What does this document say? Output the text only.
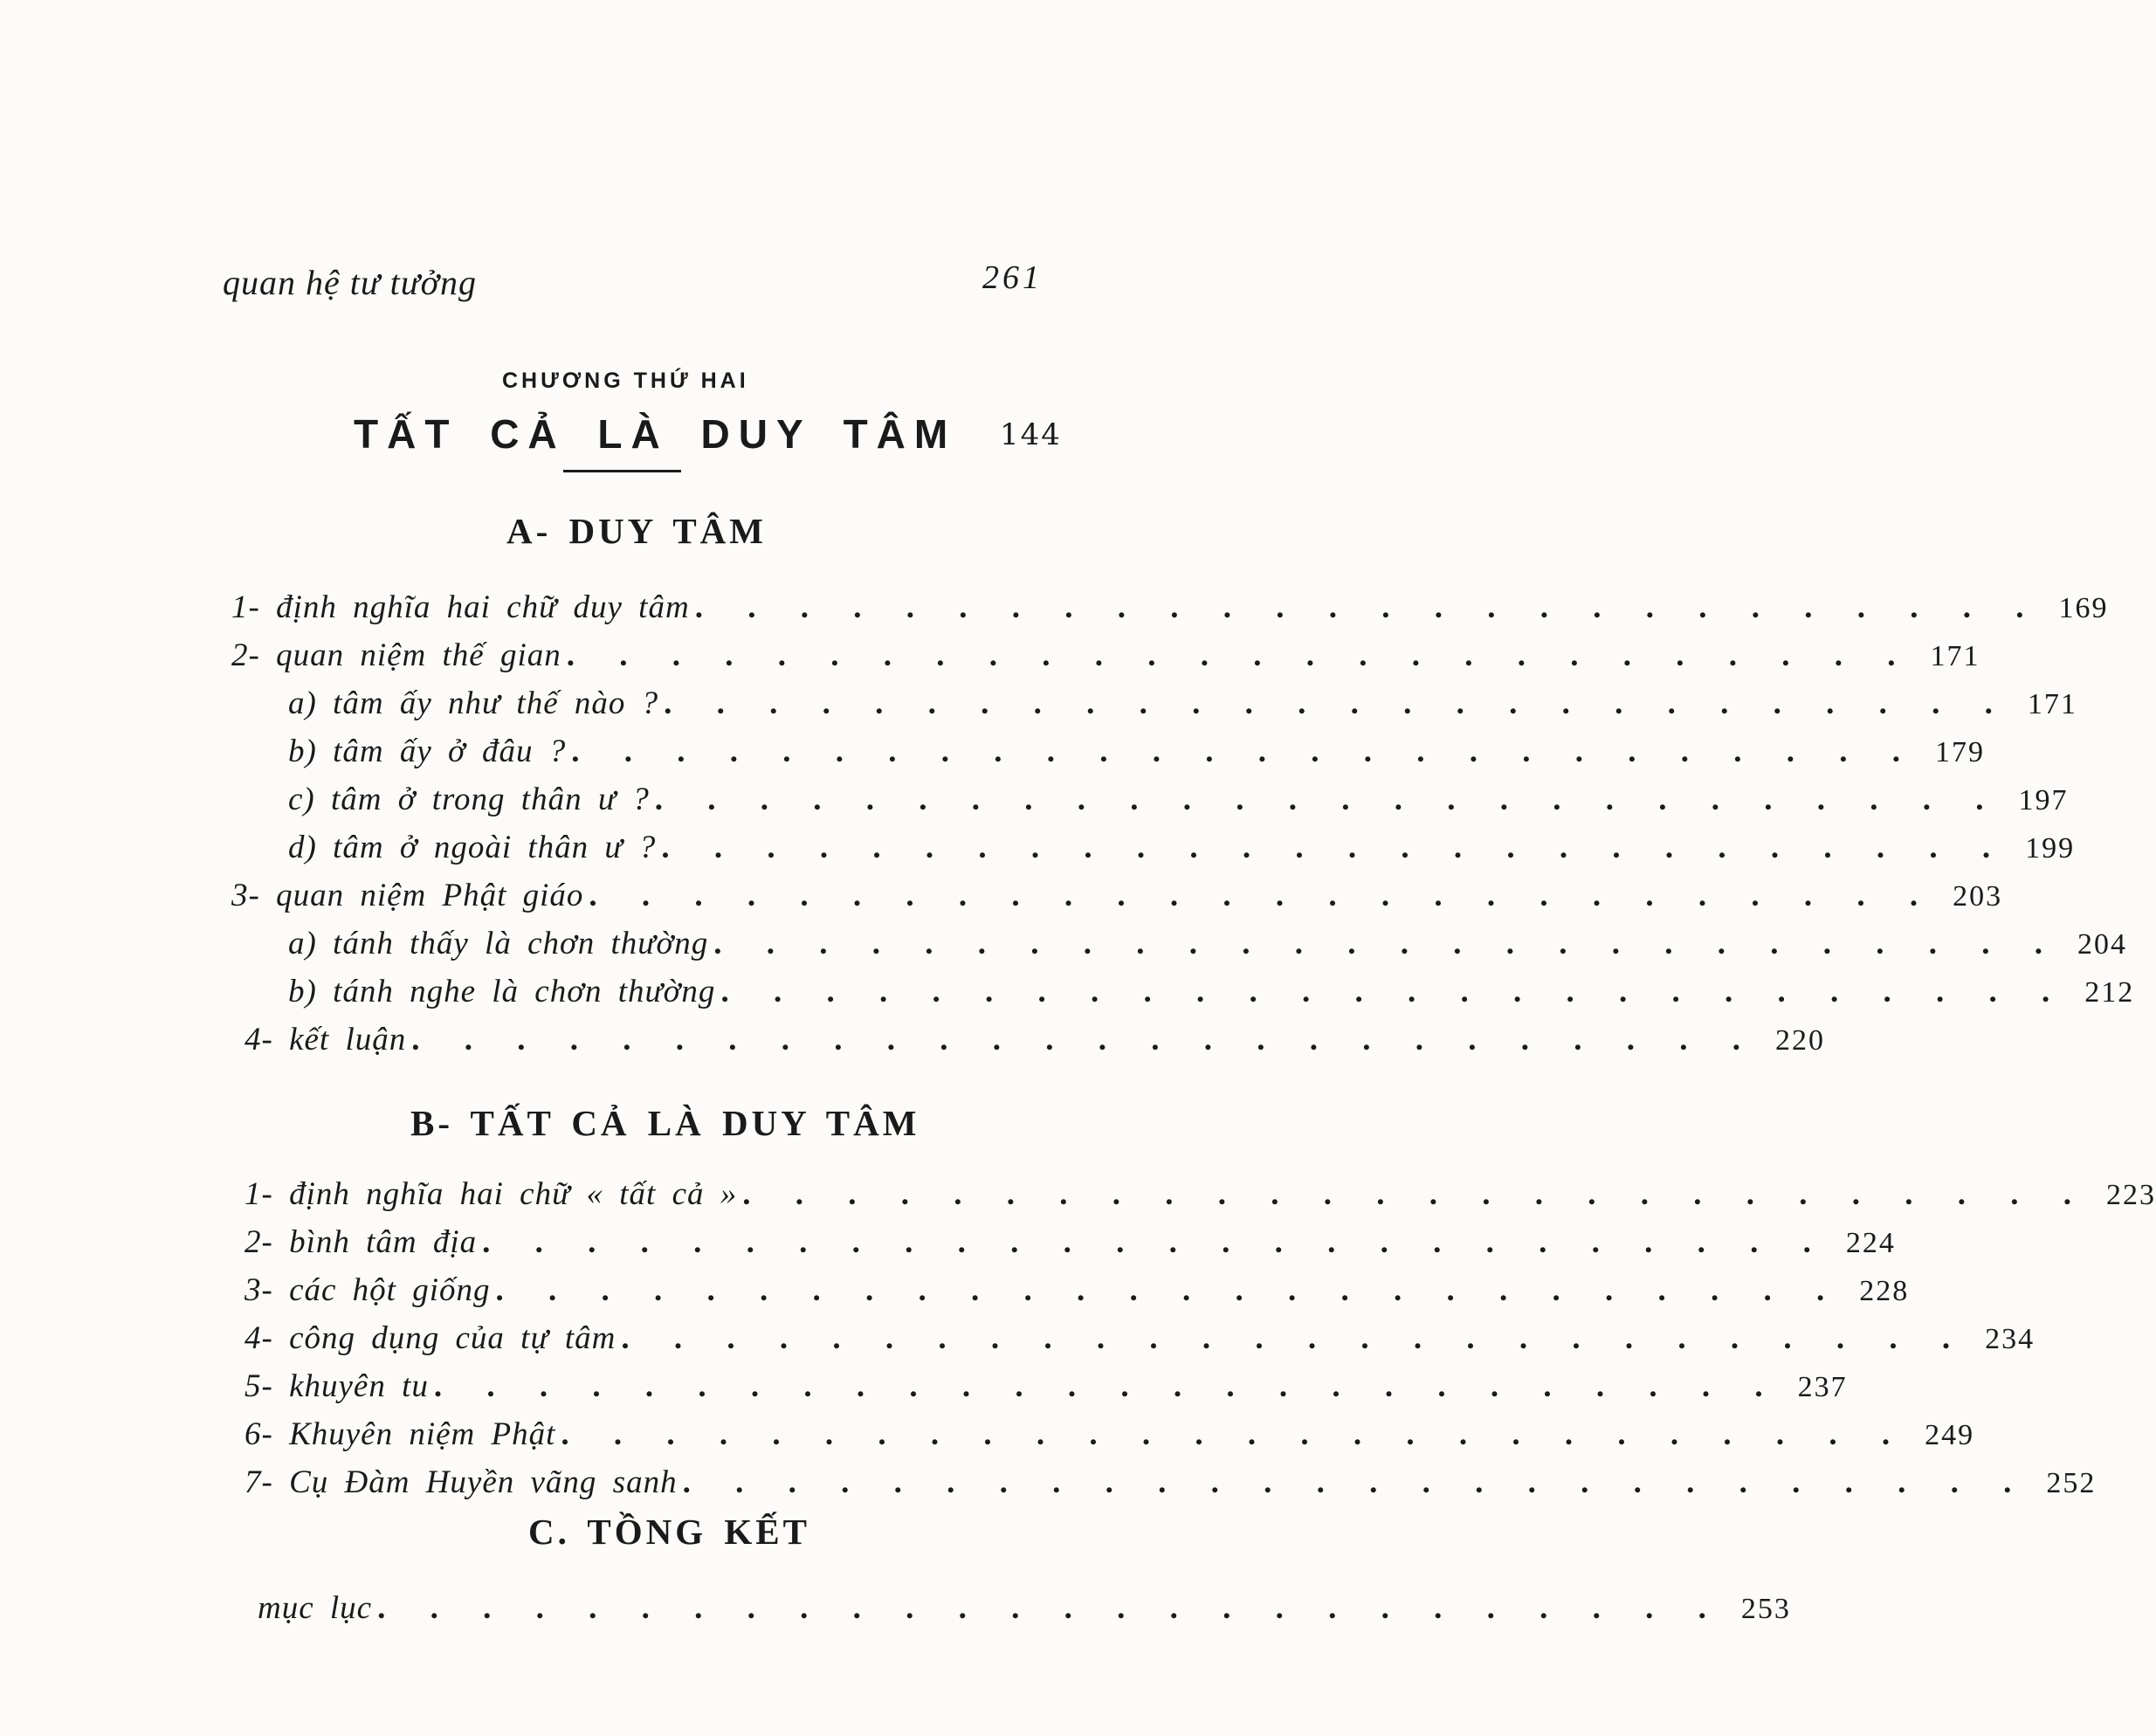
quan hệ tư tưởng	261
CHƯƠNG THỨ HAI
TẤT CẢ LÀ DUY TÂM 144
A- DUY TÂM
1- định nghĩa hai chữ duy tâm . . . . . . . . . . . . . . . . . . . . . . . . . . 169
2- quan niệm thế gian . . . . . . . . . . . . . . . . . . . . . . . . . . 171
a) tâm ấy như thế nào ? . . . . . . . . . . . . . . . . . . . . . . . . . . 171
b) tâm ấy ở đâu ? . . . . . . . . . . . . . . . . . . . . . . . . . . 179
c) tâm ở trong thân ư ? . . . . . . . . . . . . . . . . . . . . . . . . . . 197
d) tâm ở ngoài thân ư ? . . . . . . . . . . . . . . . . . . . . . . . . . . 199
3- quan niệm Phật giáo . . . . . . . . . . . . . . . . . . . . . . . . . . 203
a) tánh thấy là chơn thường . . . . . . . . . . . . . . . . . . . . . . . . . . 204
b) tánh nghe là chơn thường . . . . . . . . . . . . . . . . . . . . . . . . . . 212
4- kết luận . . . . . . . . . . . . . . . . . . . . . . . . . . 220
B- TẤT CẢ LÀ DUY TÂM
1- định nghĩa hai chữ « tất cả » . . . . . . . . . . . . . . . . . . . . . . . . . . 223
2- bình tâm địa . . . . . . . . . . . . . . . . . . . . . . . . . . 224
3- các hột giống . . . . . . . . . . . . . . . . . . . . . . . . . . 228
4- công dụng của tự tâm . . . . . . . . . . . . . . . . . . . . . . . . . . 234
5- khuyên tu . . . . . . . . . . . . . . . . . . . . . . . . . . 237
6- Khuyên niệm Phật . . . . . . . . . . . . . . . . . . . . . . . . . . 249
7- Cụ Đàm Huyền vãng sanh . . . . . . . . . . . . . . . . . . . . . . . . . . 252
C. TỒNG KẾT
mục lục . . . . . . . . . . . . . . . . . . . . . . . . . . 253
